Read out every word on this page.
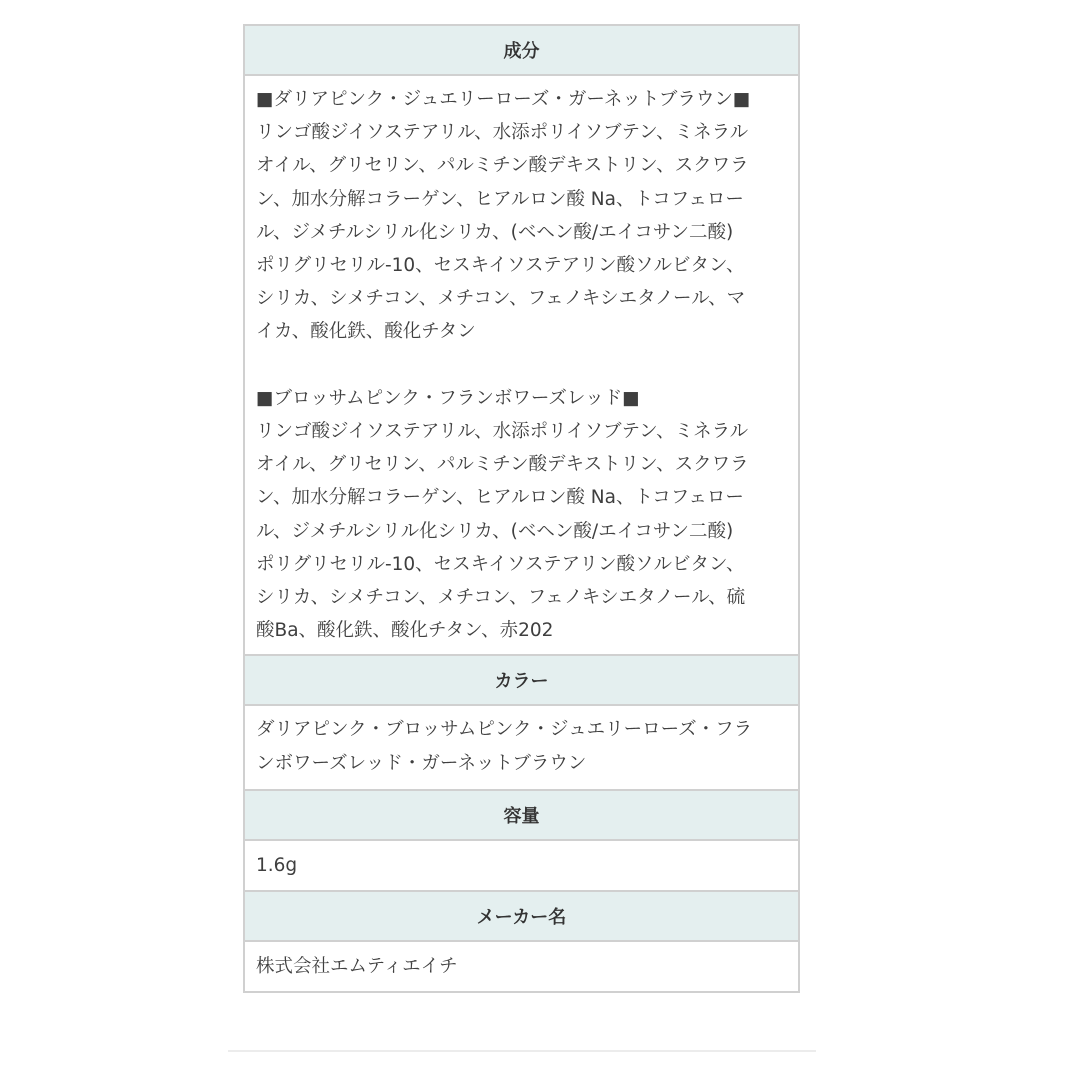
成分

■ダリアピンク・ジュエリーローズ・ガーネットブラウン■
リンゴ酸ジイソステアリル、水添ポリイソブテン、ミネラル
オイル、グリセリン、パルミチン酸デキストリン、スクワラ
ン、加水分解コラーゲン、ヒアルロン酸 Na、トコフェロー
ル、ジメチルシリル化シリカ、(ベヘン酸/エイコサン二酸)
ポリグリセリル-10、セスキイソステアリン酸ソルビタン、
シリカ、シメチコン、メチコン、フェノキシエタノール、マ
イカ、酸化鉄、酸化チタン
■ブロッサムピンク・フランボワーズレッド■
リンゴ酸ジイソステアリル、水添ポリイソブテン、ミネラル
オイル、グリセリン、パルミチン酸デキストリン、スクワラ
ン、加水分解コラーゲン、ヒアルロン酸 Na、トコフェロー
ル、ジメチルシリル化シリカ、(ベヘン酸/エイコサン二酸)
ポリグリセリル-10、セスキイソステアリン酸ソルビタン、
シリカ、シメチコン、メチコン、フェノキシエタノール、硫
酸Ba、酸化鉄、酸化チタン、赤202

カラー

ダリアピンク・ブロッサムピンク・ジュエリーローズ・フラ
ンボワーズレッド・ガーネットブラウン

容量
1.6g
メーカー名
株式会社エムティエイチ
